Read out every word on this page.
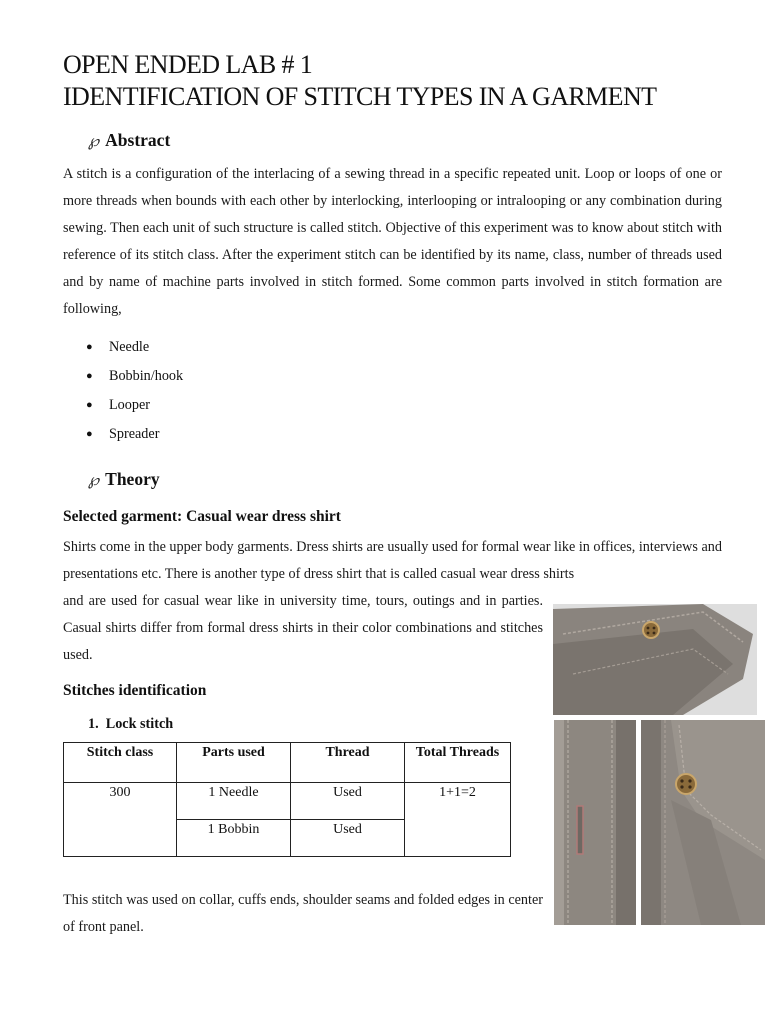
OPEN ENDED LAB # 1
IDENTIFICATION OF STITCH TYPES IN A GARMENT
℘ Abstract
A stitch is a configuration of the interlacing of a sewing thread in a specific repeated unit. Loop or loops of one or more threads when bounds with each other by interlocking, interlooping or intralooping or any combination during sewing. Then each unit of such structure is called stitch. Objective of this experiment was to know about stitch with reference of its stitch class. After the experiment stitch can be identified by its name, class, number of threads used and by name of machine parts involved in stitch formed. Some common parts involved in stitch formation are following,
●	Needle
●	Bobbin/hook
●	Looper
●	Spreader
℘ Theory
Selected garment: Casual wear dress shirt
Shirts come in the upper body garments. Dress shirts are usually used for formal wear like in offices, interviews and presentations etc. There is another type of dress shirt that is called casual wear dress shirts
and are used for casual wear like in university time, tours, outings and in parties. Casual shirts differ from formal dress shirts in their color combinations and stitches used.
Stitches identification
1.  Lock stitch
Stitch class	Parts used	Thread	Total Threads
300	1 Needle	Used	1+1=2
	1 Bobbin	Used	
This stitch was used on collar, cuffs ends, shoulder seams and folded edges in center of front panel.
